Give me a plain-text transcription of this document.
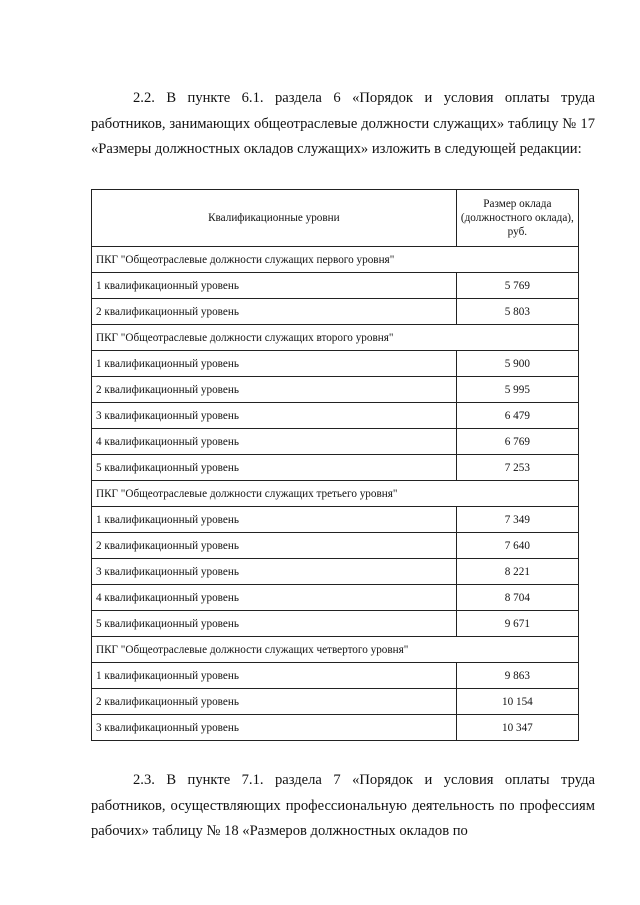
2.2. В пункте 6.1. раздела 6 «Порядок и условия оплаты труда работников, занимающих общеотраслевые должности служащих» таблицу № 17 «Размеры должностных окладов служащих» изложить в следующей редакции:

Квалификационные уровни	Размер оклада (должностного оклада), руб.
ПКГ "Общеотраслевые должности служащих первого уровня"	
1 квалификационный уровень	5 769
2 квалификационный уровень	5 803
ПКГ "Общеотраслевые должности служащих второго уровня"	
1 квалификационный уровень	5 900
2 квалификационный уровень	5 995
3 квалификационный уровень	6 479
4 квалификационный уровень	6 769
5 квалификационный уровень	7 253
ПКГ "Общеотраслевые должности служащих третьего уровня"	
1 квалификационный уровень	7 349
2 квалификационный уровень	7 640
3 квалификационный уровень	8 221
4 квалификационный уровень	8 704
5 квалификационный уровень	9 671
ПКГ "Общеотраслевые должности служащих четвертого уровня"	
1 квалификационный уровень	9 863
2 квалификационный уровень	10 154
3 квалификационный уровень	10 347

2.3. В пункте 7.1. раздела 7 «Порядок и условия оплаты труда работников, осуществляющих профессиональную деятельность по профессиям рабочих» таблицу № 18 «Размеров должностных окладов по
